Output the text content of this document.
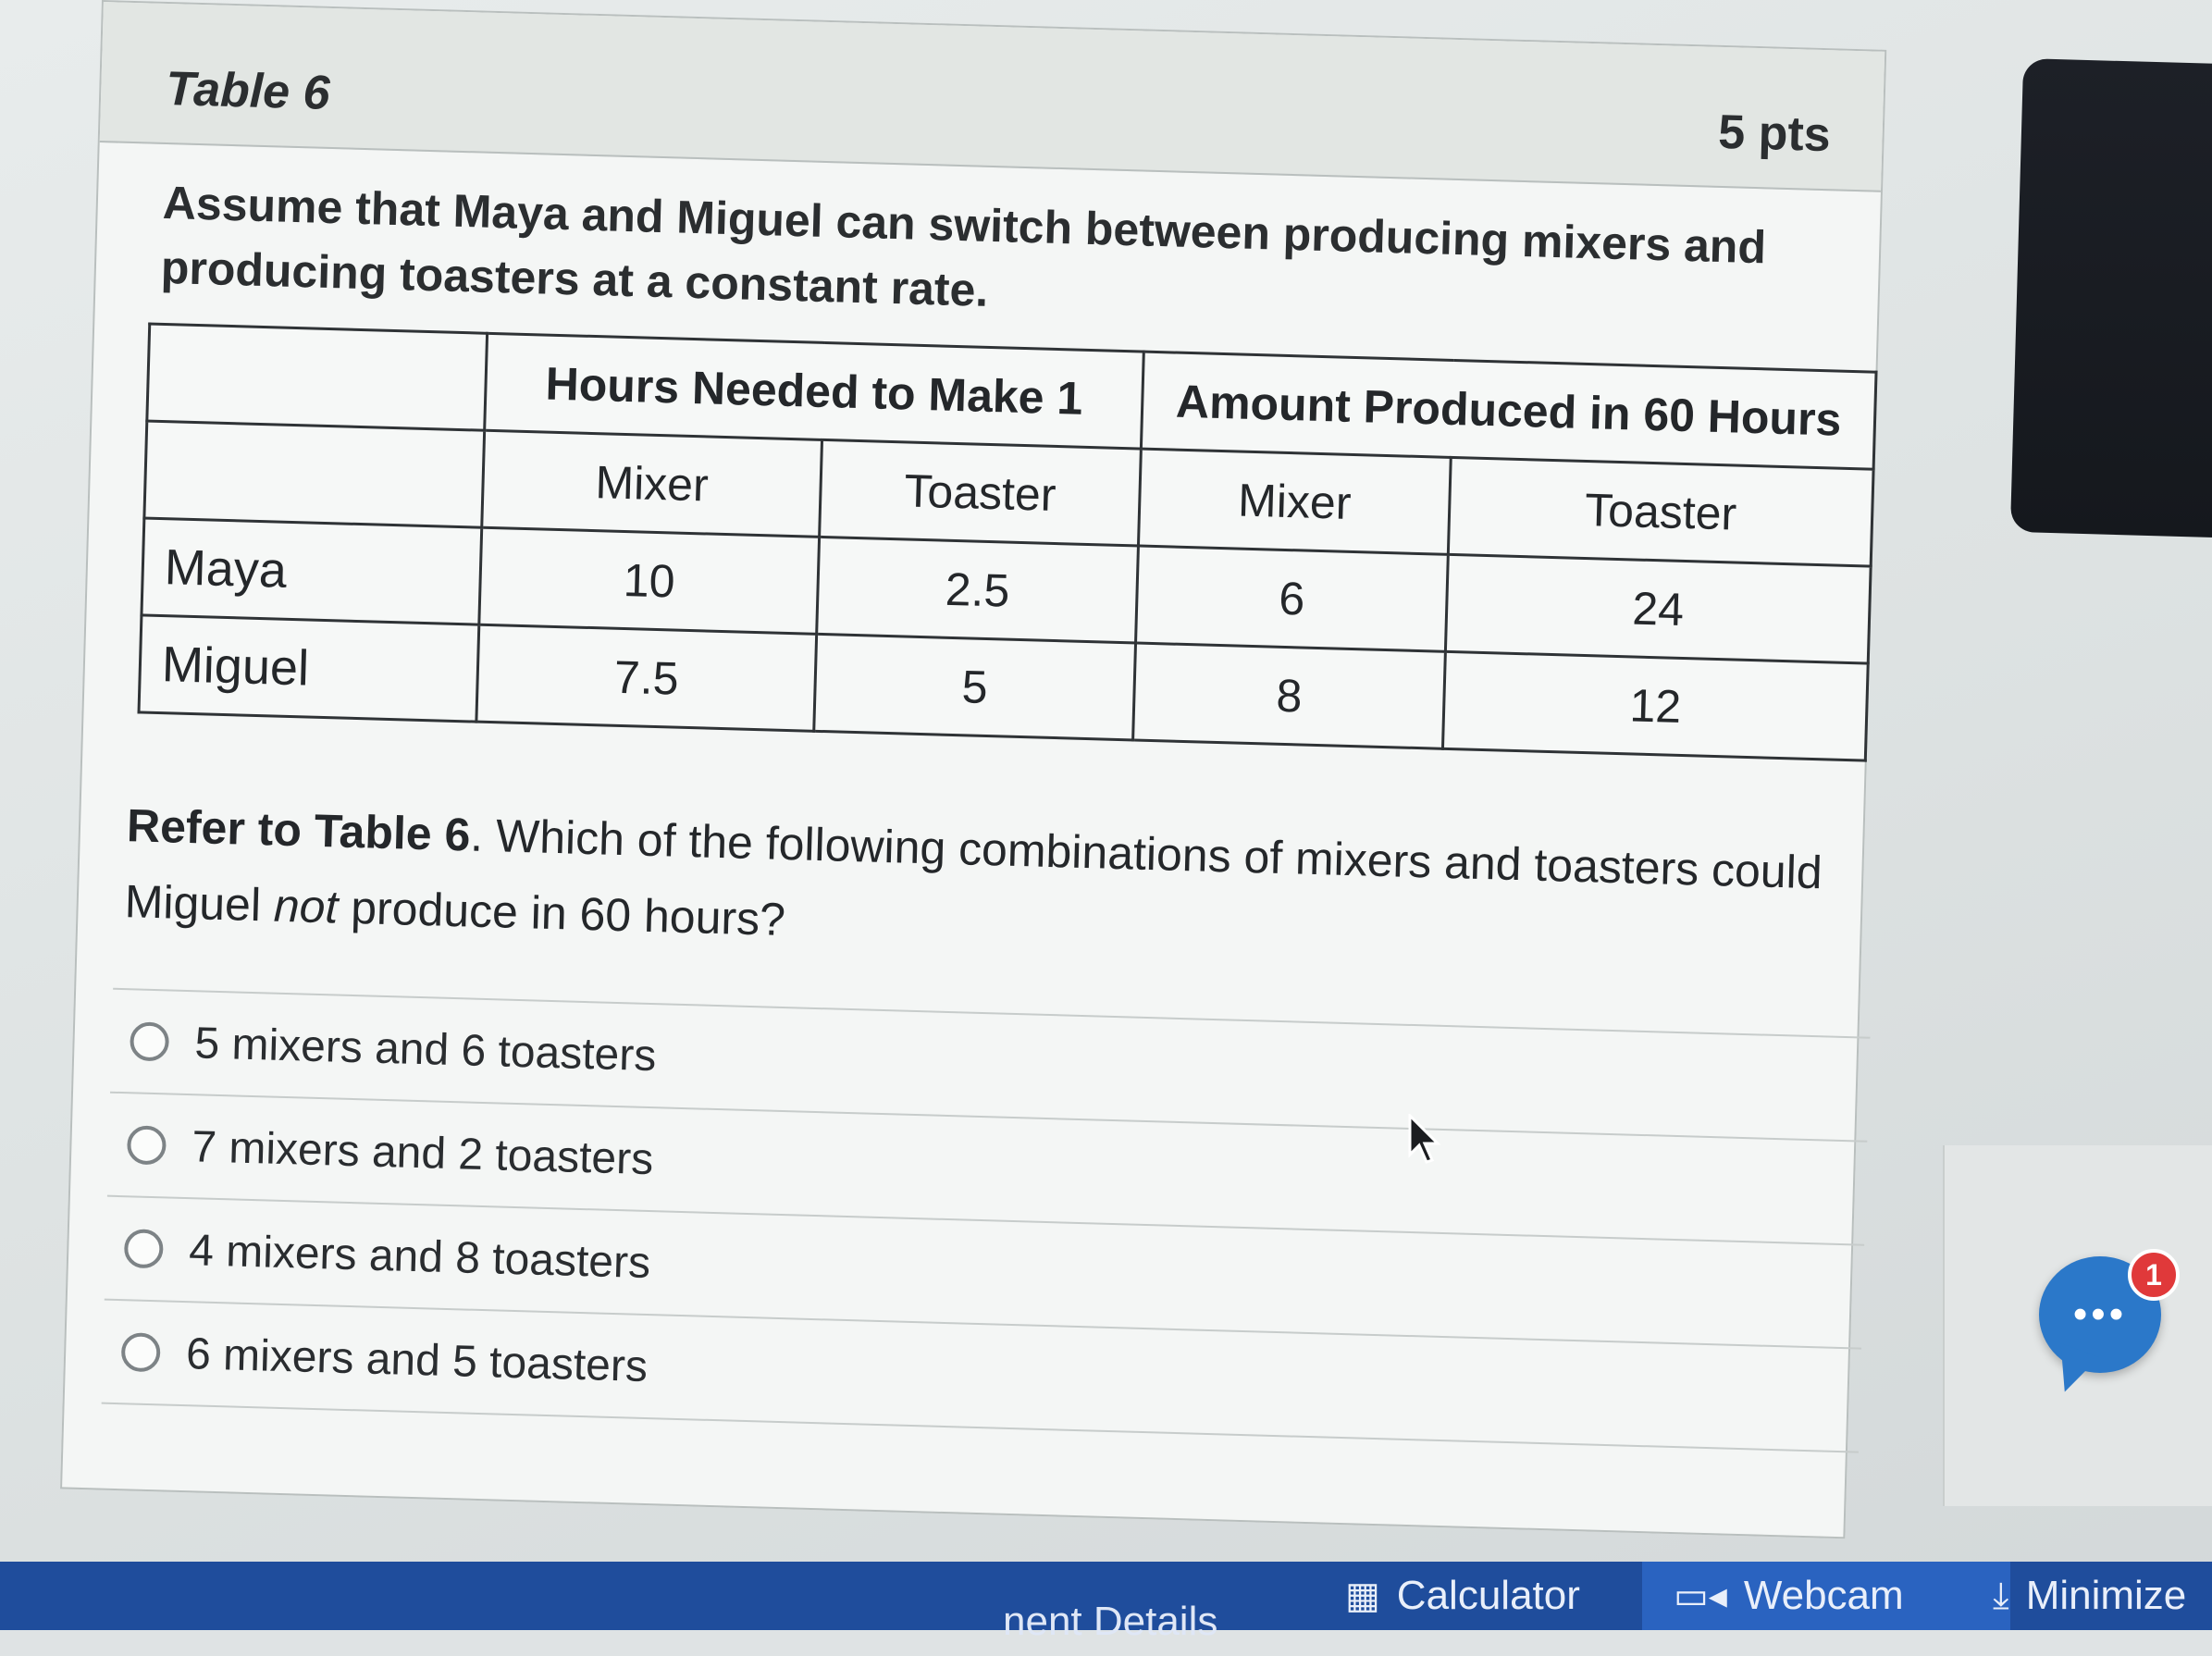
Table 6
5 pts
Assume that Maya and Miguel can switch between producing mixers and producing toasters at a constant rate.
	Hours Needed to Make 1		Amount Produced in 60 Hours	
	Mixer	Toaster	Mixer	Toaster
Maya	10	2.5	6	24
Miguel	7.5	5	8	12
Refer to Table 6. Which of the following combinations of mixers and toasters could Miguel not produce in 60 hours?
5 mixers and 6 toasters
7 mixers and 2 toasters
4 mixers and 8 toasters
6 mixers and 5 toasters
•••
1
nent Details
▦ Calculator	▭◂ Webcam ⤓ Minimize
